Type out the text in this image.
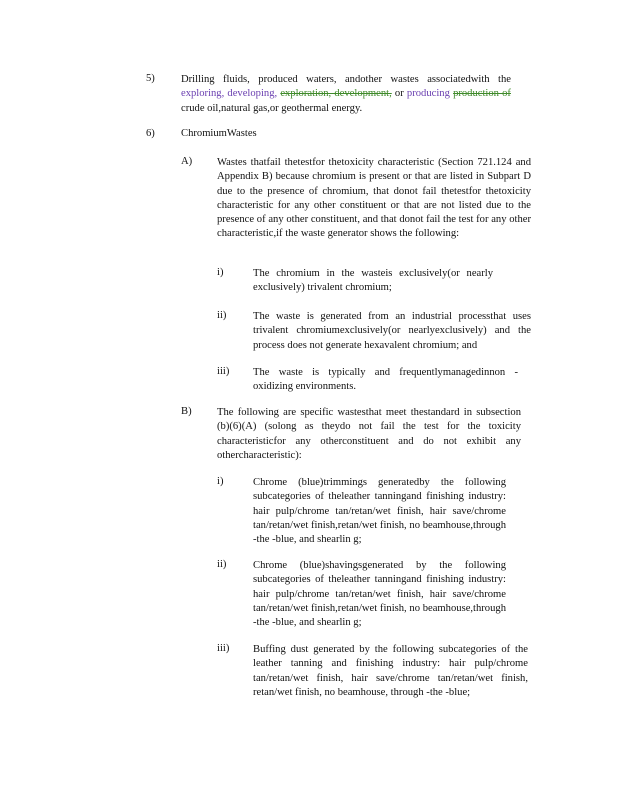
5) Drilling fluids, produced waters, andother wastes associatedwith the exploring, developing, exploration, development, or producing production of crude oil,natural gas,or geothermal energy.
6) ChromiumWastes
A) Wastes thatfail thetestfor thetoxicity characteristic (Section 721.124 and Appendix B) because chromium is present or that are listed in Subpart D due to the presence of chromium, that donot fail thetestfor thetoxicity characteristic for any other constituent or that are not listed due to the presence of any other constituent, and that donot fail the test for any other characteristic,if the waste generator shows the following:
i)	The chromium in the wasteis exclusively(or nearly exclusively) trivalent chromium;
ii)	The waste is generated from an industrial processthat uses trivalent chromiumexclusively(or nearlyexclusively) and the process does not generate hexavalent chromium; and
iii) The waste is typically and frequentlymanagedinnon - oxidizing environments.
B) The following are specific wastesthat meet thestandard in subsection (b)(6)(A) (solong as theydo not fail the test for the toxicity characteristicfor any otherconstituent and do not exhibit any othercharacteristic):
i)	Chrome (blue)trimmings generatedby the following subcategories of theleather tanningand finishing industry: hair pulp/chrome tan/retan/wet finish, hair save/chrome tan/retan/wet finish,retan/wet finish, no beamhouse,through -the -blue, and shearlin g;
ii)	Chrome (blue)shavingsgenerated by the following subcategories of theleather tanningand finishing industry: hair pulp/chrome tan/retan/wet finish, hair save/chrome tan/retan/wet finish,retan/wet finish, no beamhouse,through -the -blue, and shearlin g;
iii) Buffing dust generated by the following subcategories of the leather tanning and finishing industry: hair pulp/chrome tan/retan/wet finish, hair save/chrome tan/retan/wet finish, retan/wet finish, no beamhouse, through -the -blue;
